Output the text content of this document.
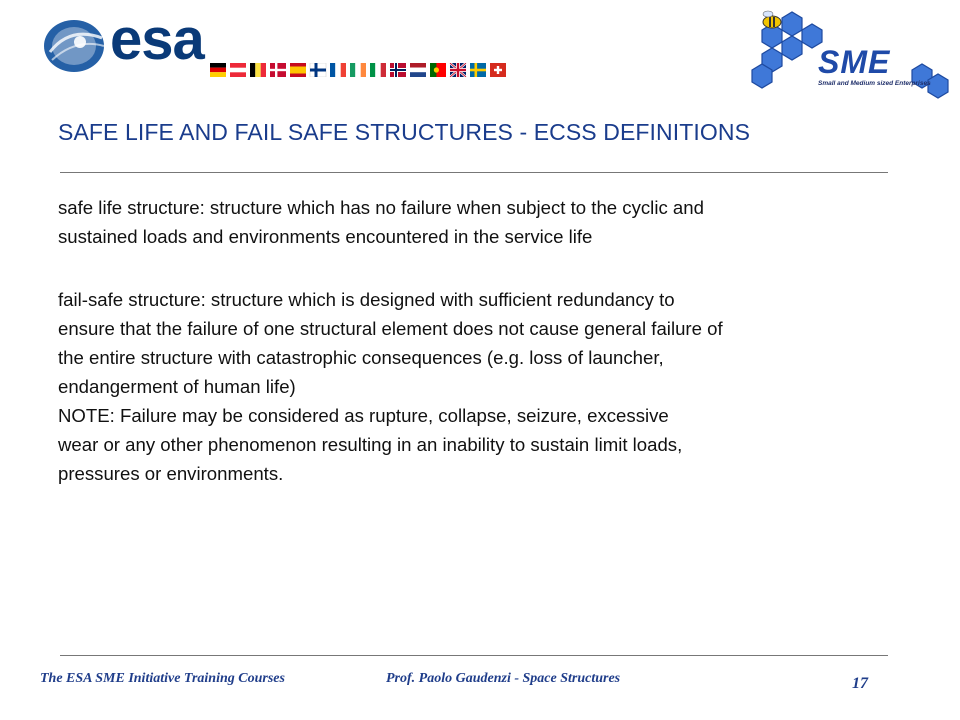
esa	SME
Small and Medium sized Enterprises
SAFE LIFE AND FAIL SAFE STRUCTURES - ECSS DEFINITIONS
safe life structure: structure which has no failure when subject to the cyclic and
sustained loads and environments encountered in the service life
fail-safe structure: structure which is designed with sufficient redundancy to
ensure that the failure of one structural element does not cause general failure of
the entire structure with catastrophic consequences (e.g. loss of launcher,
endangerment of human life)
NOTE: Failure may be considered as rupture, collapse, seizure, excessive
wear or any other phenomenon resulting in an inability to sustain limit loads,
pressures or environments.
The ESA SME Initiative Training Courses	Prof. Paolo Gaudenzi - Space Structures	17
